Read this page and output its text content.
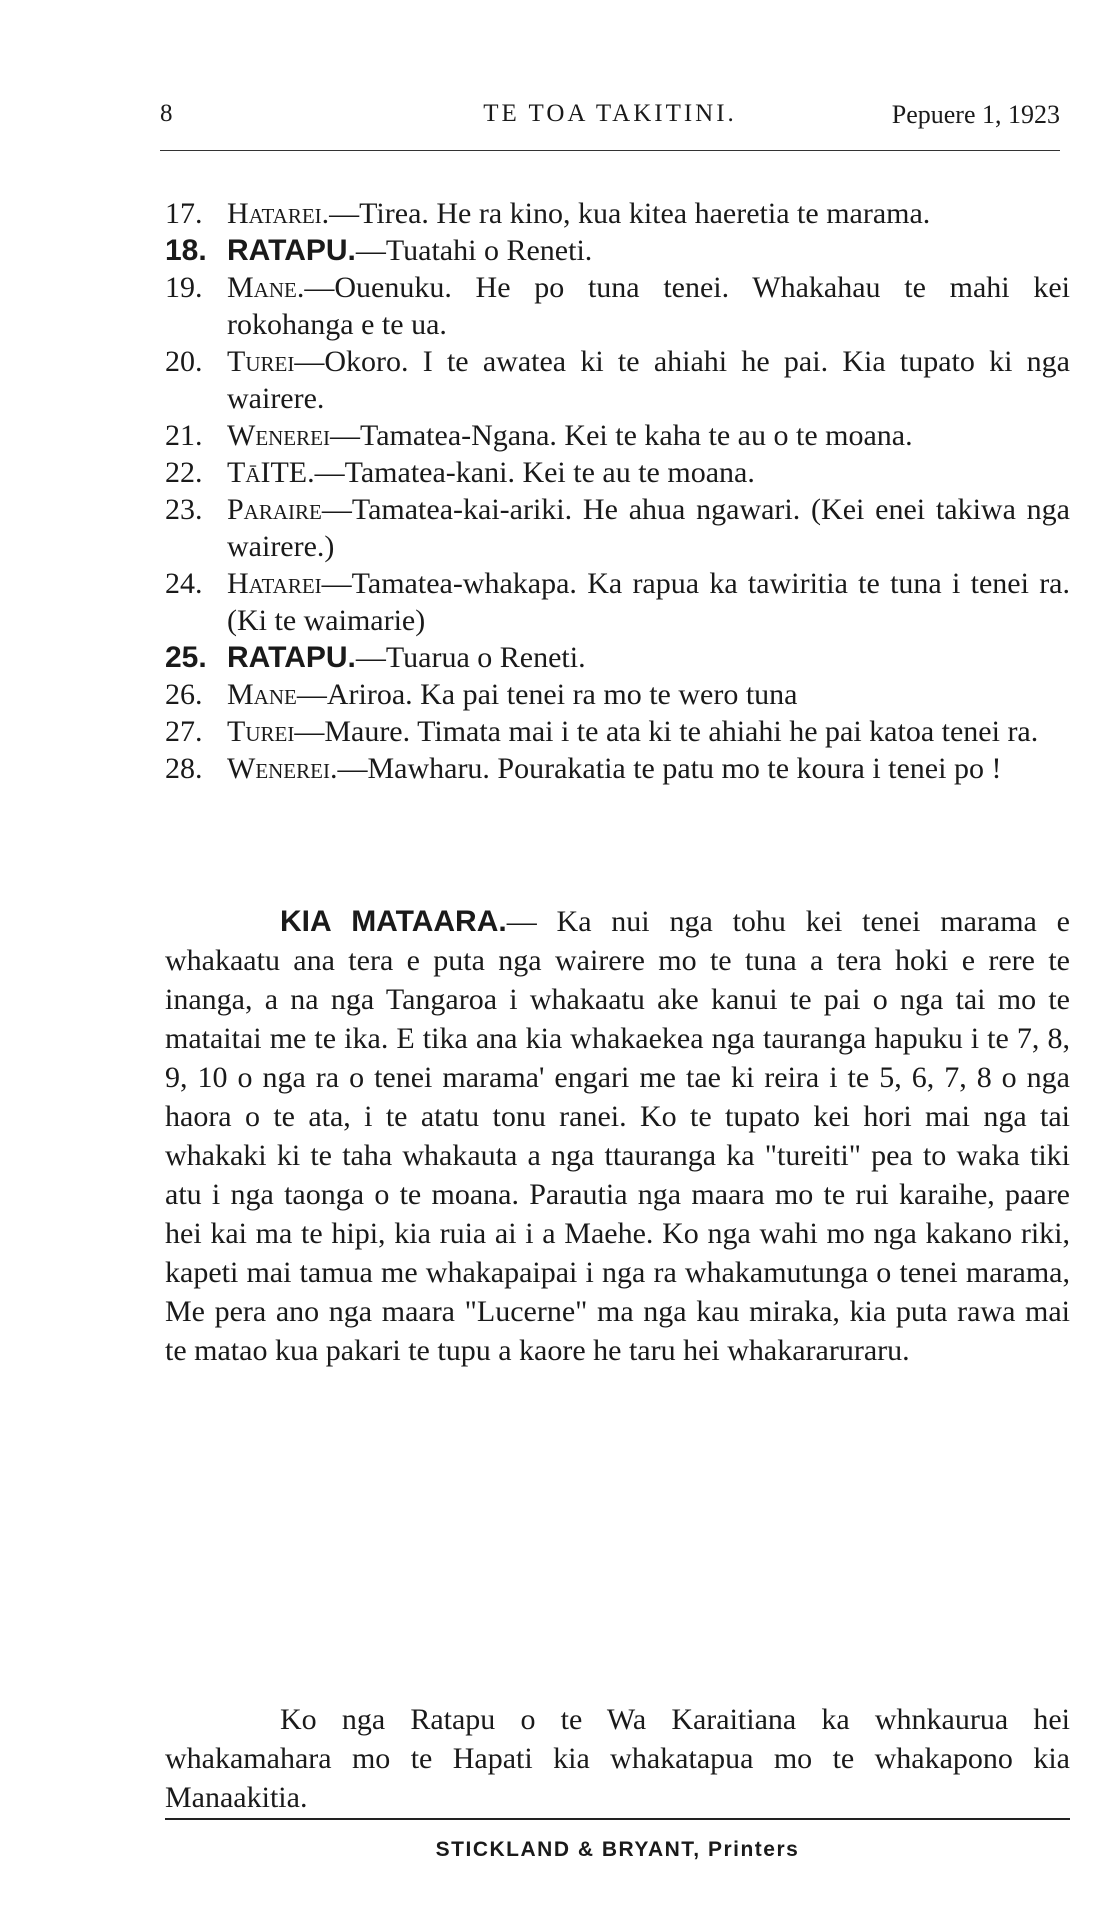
8	TE TOA TAKITINI.	Pepuere 1, 1923
17. Hatarei.—Tirea. He ra kino, kua kitea haeretia te marama.
18. RATAPU.—Tuatahi o Reneti.
19. Mane.—Ouenuku. He po tuna tenei. Whakahau te mahi kei rokohanga e te ua.
20. Turei—Okoro. I te awatea ki te ahiahi he pai. Kia tupato ki nga wairere.
21. Wenerei—Tamatea-Ngana. Kei te kaha te au o te moana.
22. TāITE.—Tamatea-kani. Kei te au te moana.
23. Paraire—Tamatea-kai-ariki. He ahua ngawari. (Kei enei takiwa nga wairere.)
24. Hatarei—Tamatea-whakapa. Ka rapua ka tawiritia te tuna i tenei ra. (Ki te waimarie)
25. RATAPU.—Tuarua o Reneti.
26. Mane—Ariroa. Ka pai tenei ra mo te wero tuna
27. Turei—Maure. Timata mai i te ata ki te ahiahi he pai katoa tenei ra.
28. Wenerei.—Mawharu. Pourakatia te patu mo te koura i tenei po !
KIA MATAARA.— Ka nui nga tohu kei tenei marama e whakaatu ana tera e puta nga wairere mo te tuna a tera hoki e rere te inanga, a na nga Tangaroa i whakaatu ake kanui te pai o nga tai mo te mataitai me te ika. E tika ana kia whakaekea nga tauranga hapuku i te 7, 8, 9, 10 o nga ra o tenei marama' engari me tae ki reira i te 5, 6, 7, 8 o nga haora o te ata, i te atatu tonu ranei. Ko te tupato kei hori mai nga tai whakaki ki te taha whakauta a nga ttauranga ka "tureiti" pea to waka tiki atu i nga taonga o te moana. Parautia nga maara mo te rui karaihe, paare hei kai ma te hipi, kia ruia ai i a Maehe. Ko nga wahi mo nga kakano riki, kapeti mai tamua me whakapaipai i nga ra whakamutunga o tenei marama, Me pera ano nga maara "Lucerne" ma nga kau miraka, kia puta rawa mai te matao kua pakari te tupu a kaore he taru hei whakararuraru.
Ko nga Ratapu o te Wa Karaitiana ka whnkaurua hei whakamahara mo te Hapati kia whakatapua mo te whakapono kia Manaakitia.
STICKLAND & BRYANT, Printers
